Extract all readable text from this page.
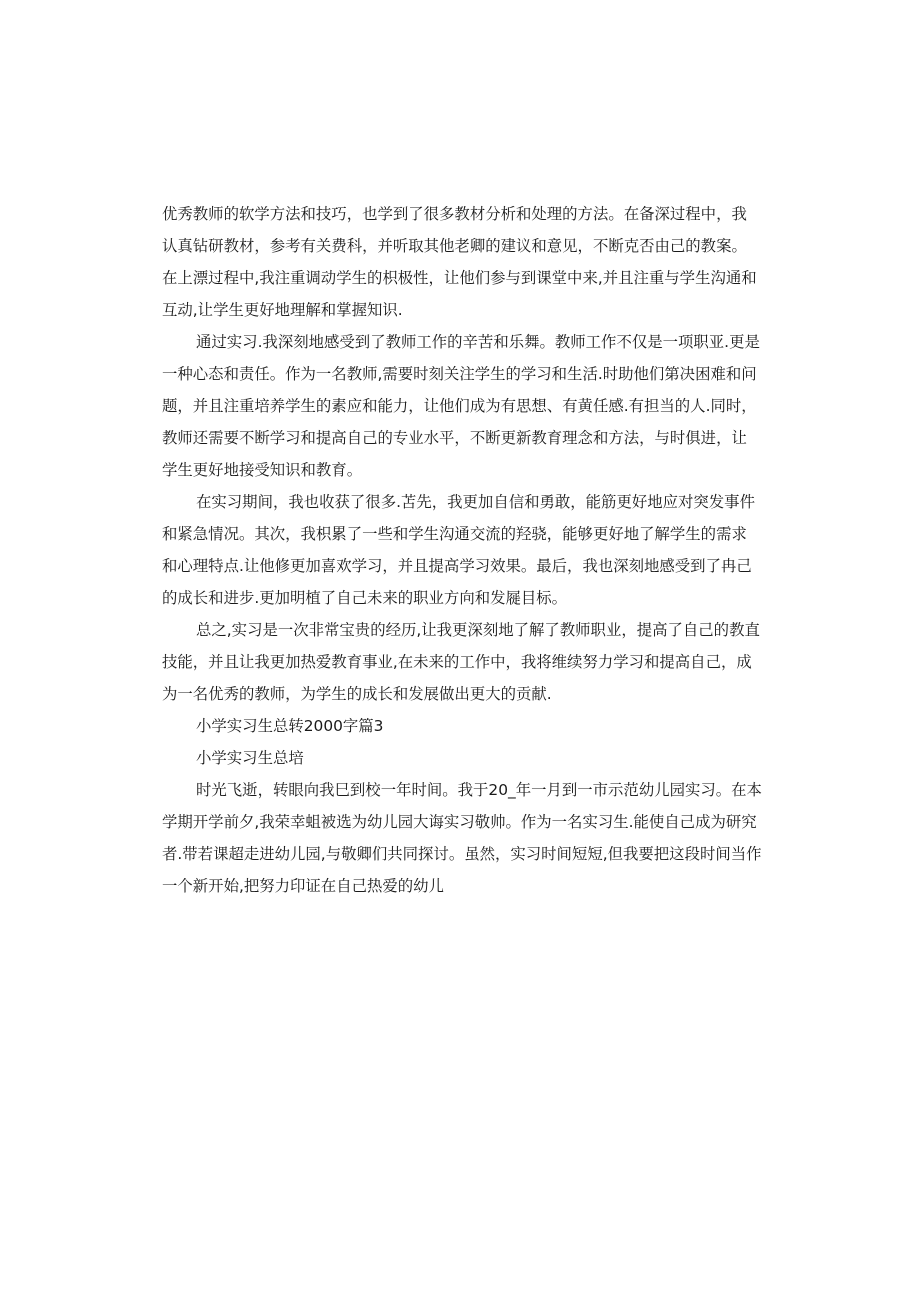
优秀教师的软学方法和技巧，也学到了很多教材分析和处理的方法。在备深过程中，我
认真钻研教材，参考有关费科，并听取其他老卿的建议和意见，不断克否由己的教案。
在上漂过程中,我注重调动学生的枳极性，让他们参与到课堂中来,并且注重与学生沟通和
互动,让学生更好地理解和掌握知识.
通过实习.我深刻地感受到了教师工作的辛苦和乐舞。教师工作不仅是一项职亚.更是
一种心态和责任。作为一名教师,需要时刻关注学生的学习和生活.时助他们第决困难和问
题，并且注重培养学生的素应和能力，让他们成为有思想、有黄任感.有担当的人.同时，
教师还需要不断学习和提高自己的专业水平，不断更新教育理念和方法，与时俱进，让
学生更好地接受知识和教育。
在实习期间，我也收获了很多.苫先，我更加自信和勇敢，能筋更好地应对突发事件
和紧急情况。其次，我枳累了一些和学生沟通交流的羟骁，能够更好地了解学生的需求
和心理特点.让他修更加喜欢学习，并且提高学习效果。最后，我也深刻地感受到了冉己
的成长和进步.更加明植了自己未来的职业方向和发屣目标。
总之,实习是一次非常宝贵的经历,让我更深刻地了解了教师职业，提高了自己的教直
技能，并且让我更加热爱教育事业,在未来的工作中，我将维续努力学习和提高自己，成
为一名优秀的教师，为学生的成长和发展做出更大的贡献.
小学实习生总转2000字篇3
小学实习生总培
时光飞逝，转眼向我巳到校一年时间。我于20_年一月到一市示范幼儿园实习。在本
学期开学前夕,我荣幸蛆被选为幼儿园大诲实习敬帅。作为一名实习生.能使自己成为研究
者.带若课超走进幼儿园,与敬卿们共同探讨。虽然，实习时间短短,但我要把这段时间当作
一个新开始,把努力印证在自己热爱的幼儿
